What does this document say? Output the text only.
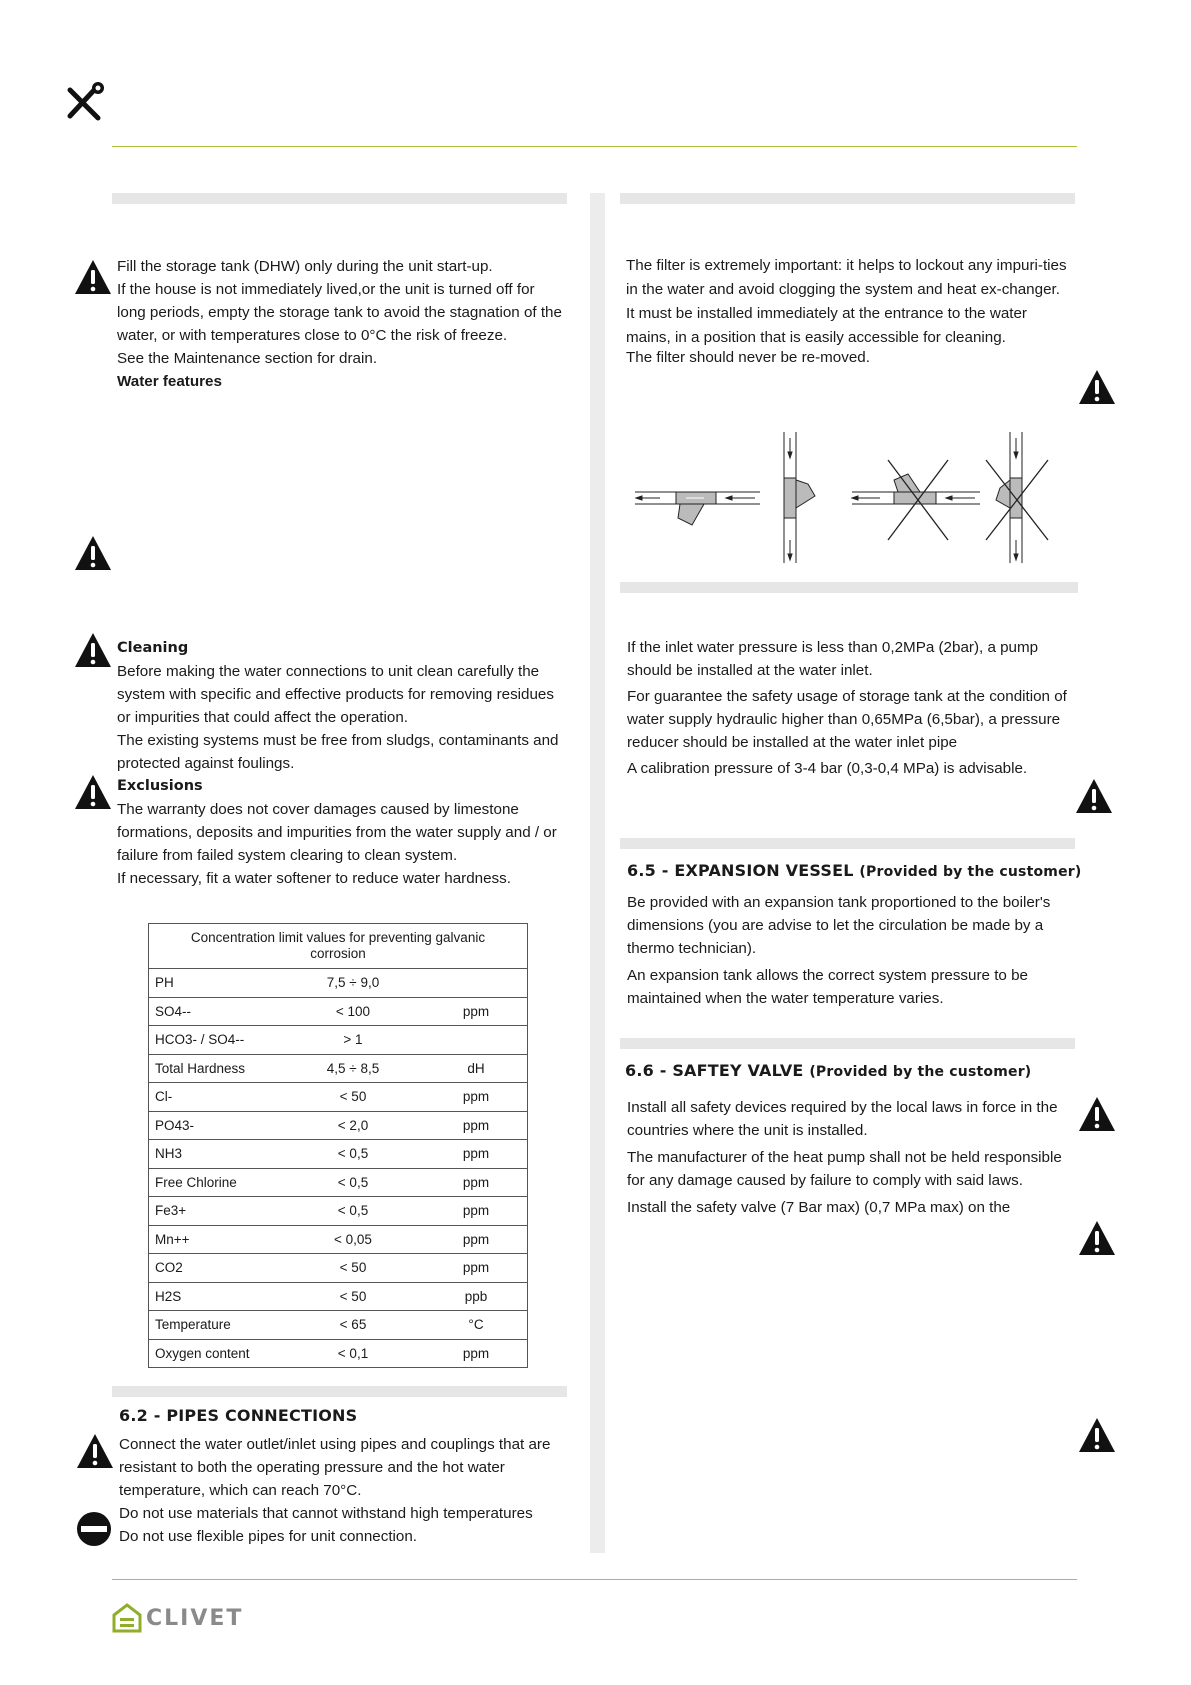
Fill the storage tank (DHW) only during the unit start-up.

If the house is not immediately lived,or the unit is turned off for long periods, empty the storage tank to avoid the stagnation of the water, or with temperatures close to 0°C the risk of freeze.

See the Maintenance section for drain.

Water features

Cleaning

Before making the water connections to unit clean carefully the system with specific and effective products for removing residues or impurities that could affect the operation.

The existing systems must be free from sludgs, contaminants and protected against foulings.

Exclusions

The warranty does not cover damages caused by limestone formations, deposits and impurities from the water supply and / or failure from failed system clearing to clean system.

If necessary, fit a water softener to reduce water hardness.

Concentration limit values for preventing galvanic corrosion		
PH	7,5 ÷ 9,0	
SO4--	< 100	ppm
HCO3- / SO4--	> 1	
Total Hardness	4,5 ÷ 8,5	dH
Cl-	< 50	ppm
PO43-	< 2,0	ppm
NH3	< 0,5	ppm
Free Chlorine	< 0,5	ppm
Fe3+	< 0,5	ppm
Mn++	< 0,05	ppm
CO2	< 50	ppm
H2S	< 50	ppb
Temperature	< 65	°C
Oxygen content	< 0,1	ppm
6.2 - PIPES CONNECTIONS

Connect the water outlet/inlet using pipes and couplings that are resistant to both the operating pressure and the hot water temperature, which can reach 70°C.

Do not use materials that cannot withstand high temperatures

Do not use flexible pipes for unit connection.

The filter is extremely important: it helps to lockout any impuri-ties in the water and avoid clogging the system and heat ex-changer.

It must be installed immediately at the entrance to the water mains, in a position that is easily accessible for cleaning.

The filter should never be re-moved.

If the inlet water pressure is less than 0,2MPa (2bar), a pump should be installed at the water inlet.

For guarantee the safety usage of storage tank at the condition of water supply hydraulic higher than 0,65MPa (6,5bar), a pressure reducer should be installed at the water inlet pipe

A calibration pressure of 3-4 bar (0,3-0,4 MPa) is advisable.

6.5 - EXPANSION VESSEL (Provided by the customer)

Be provided with an expansion tank proportioned to the boiler's dimensions (you are advise to let the circulation be made by a thermo technician).

An expansion tank allows the correct system pressure to be maintained when the water temperature varies.

6.6 - SAFTEY VALVE (Provided by the customer)

Install all safety devices required by the local laws in force in the countries where the unit is installed.

The manufacturer of the heat pump shall not be held responsible for any damage caused by failure to comply with said laws.

Install the safety valve (7 Bar max) (0,7 MPa max) on the

CLIVET
